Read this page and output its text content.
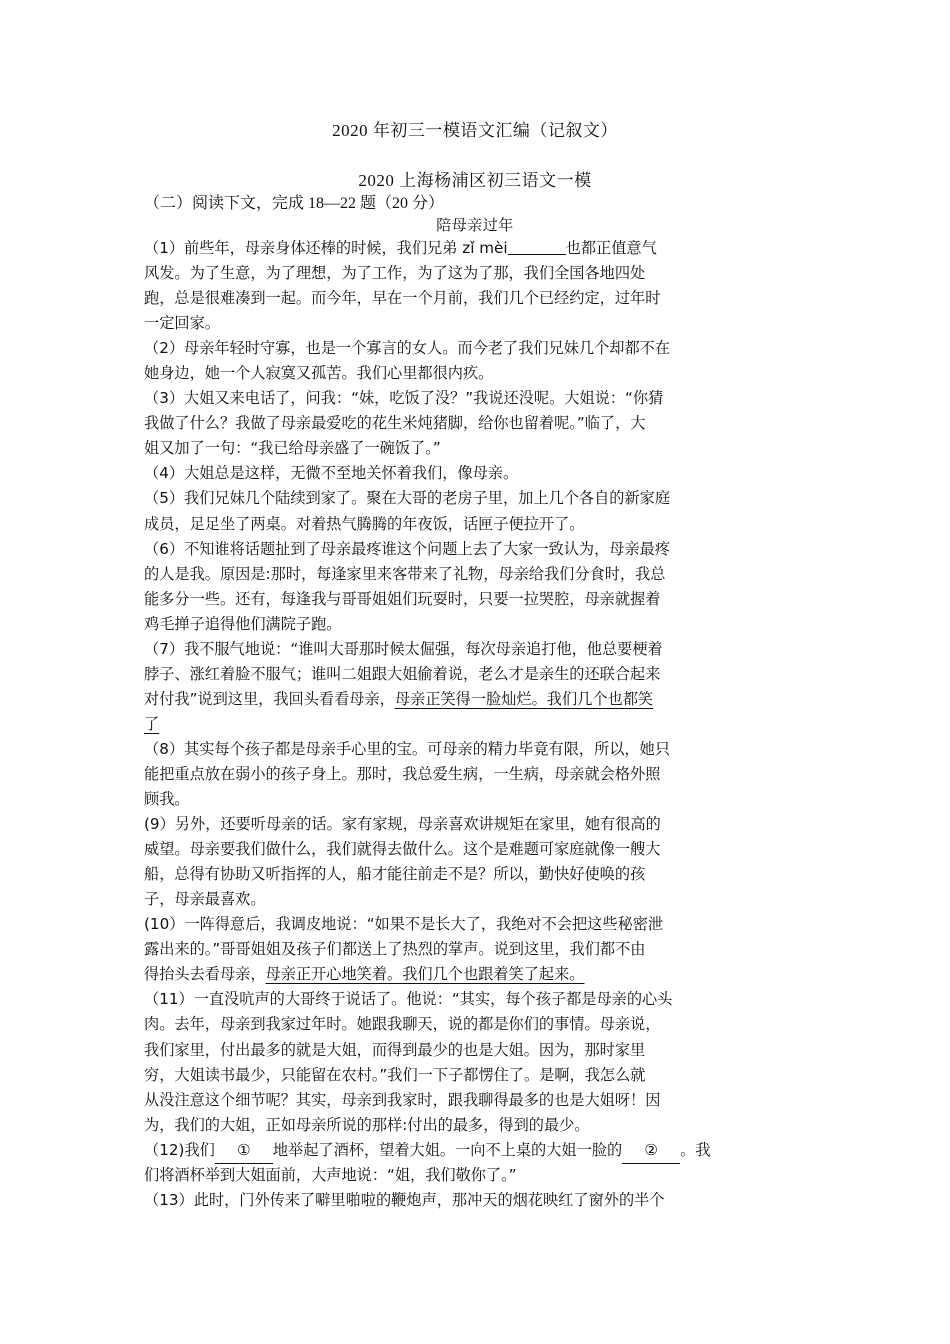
2020 年初三一模语文汇编（记叙文）
2020 上海杨浦区初三语文一模
（二）阅读下文，完成 18—22 题（20 分）
陪母亲过年
（1）前些年，母亲身体还棒的时候，我们兄弟 zǐ mèi	也都正值意气
风发。为了生意，为了理想，为了工作，为了这为了那，我们全国各地四处
跑，总是很难凑到一起。而今年，早在一个月前，我们几个已经约定，过年时
一定回家。
（2）母亲年轻时守寡，也是一个寡言的女人。而今老了我们兄妹几个却都不在
她身边，她一个人寂寞又孤苦。我们心里都很内疚。
（3）大姐又来电话了，问我：“妹，吃饭了没？”我说还没呢。大姐说：“你猜
我做了什么？我做了母亲最爱吃的花生米炖猪脚，给你也留着呢。”临了，大
姐又加了一句：“我已给母亲盛了一碗饭了。”
（4）大姐总是这样，无微不至地关怀着我们，像母亲。
（5）我们兄妹几个陆续到家了。聚在大哥的老房子里，加上几个各自的新家庭
成员，足足坐了两桌。对着热气腾腾的年夜饭，话匣子便拉开了。
（6）不知谁将话题扯到了母亲最疼谁这个问题上去了大家一致认为，母亲最疼
的人是我。原因是:那时，每逢家里来客带来了礼物，母亲给我们分食时，我总
能多分一些。还有，每逢我与哥哥姐姐们玩耍时，只要一拉哭腔，母亲就握着
鸡毛掸子追得他们满院子跑。
（7）我不服气地说：“谁叫大哥那时候太倔强，每次母亲追打他，他总要梗着
脖子、涨红着脸不服气；谁叫二姐跟大姐偷着说，老么才是亲生的还联合起来
对付我”说到这里，我回头看看母亲，母亲正笑得一脸灿烂。我们几个也都笑
了
（8）其实每个孩子都是母亲手心里的宝。可母亲的精力毕竟有限，所以，她只
能把重点放在弱小的孩子身上。那时，我总爱生病，一生病，母亲就会格外照
顾我。
(9）另外，还要听母亲的话。家有家规，母亲喜欢讲规矩在家里，她有很高的
威望。母亲要我们做什么，我们就得去做什么。这个是难题可家庭就像一艘大
船，总得有协助又听指挥的人，船才能往前走不是？所以，勤快好使唤的孩
子，母亲最喜欢。
(10）一阵得意后，我调皮地说：“如果不是长大了，我绝对不会把这些秘密泄
露出来的。”哥哥姐姐及孩子们都送上了热烈的掌声。说到这里，我们都不由
得抬头去看母亲，母亲正开心地笑着。我们几个也跟着笑了起来。
（11）一直没吭声的大哥终于说话了。他说：“其实，每个孩子都是母亲的心头
肉。去年，母亲到我家过年时。她跟我聊天，说的都是你们的事情。母亲说，
我们家里，付出最多的就是大姐，而得到最少的也是大姐。因为，那时家里
穷，大姐读书最少，只能留在农村。”我们一下子都愣住了。是啊，我怎么就
从没注意这个细节呢？其实，母亲到我家时，跟我聊得最多的也是大姐呀！因
为，我们的大姐，正如母亲所说的那样:付出的最多，得到的最少。
（12)我们 ① 地举起了酒杯，望着大姐。一向不上桌的大姐一脸的 ② 。我
们将酒杯举到大姐面前，大声地说：“姐，我们敬你了。”
（13）此时，门外传来了噼里啪啦的鞭炮声，那冲天的烟花映红了窗外的半个
